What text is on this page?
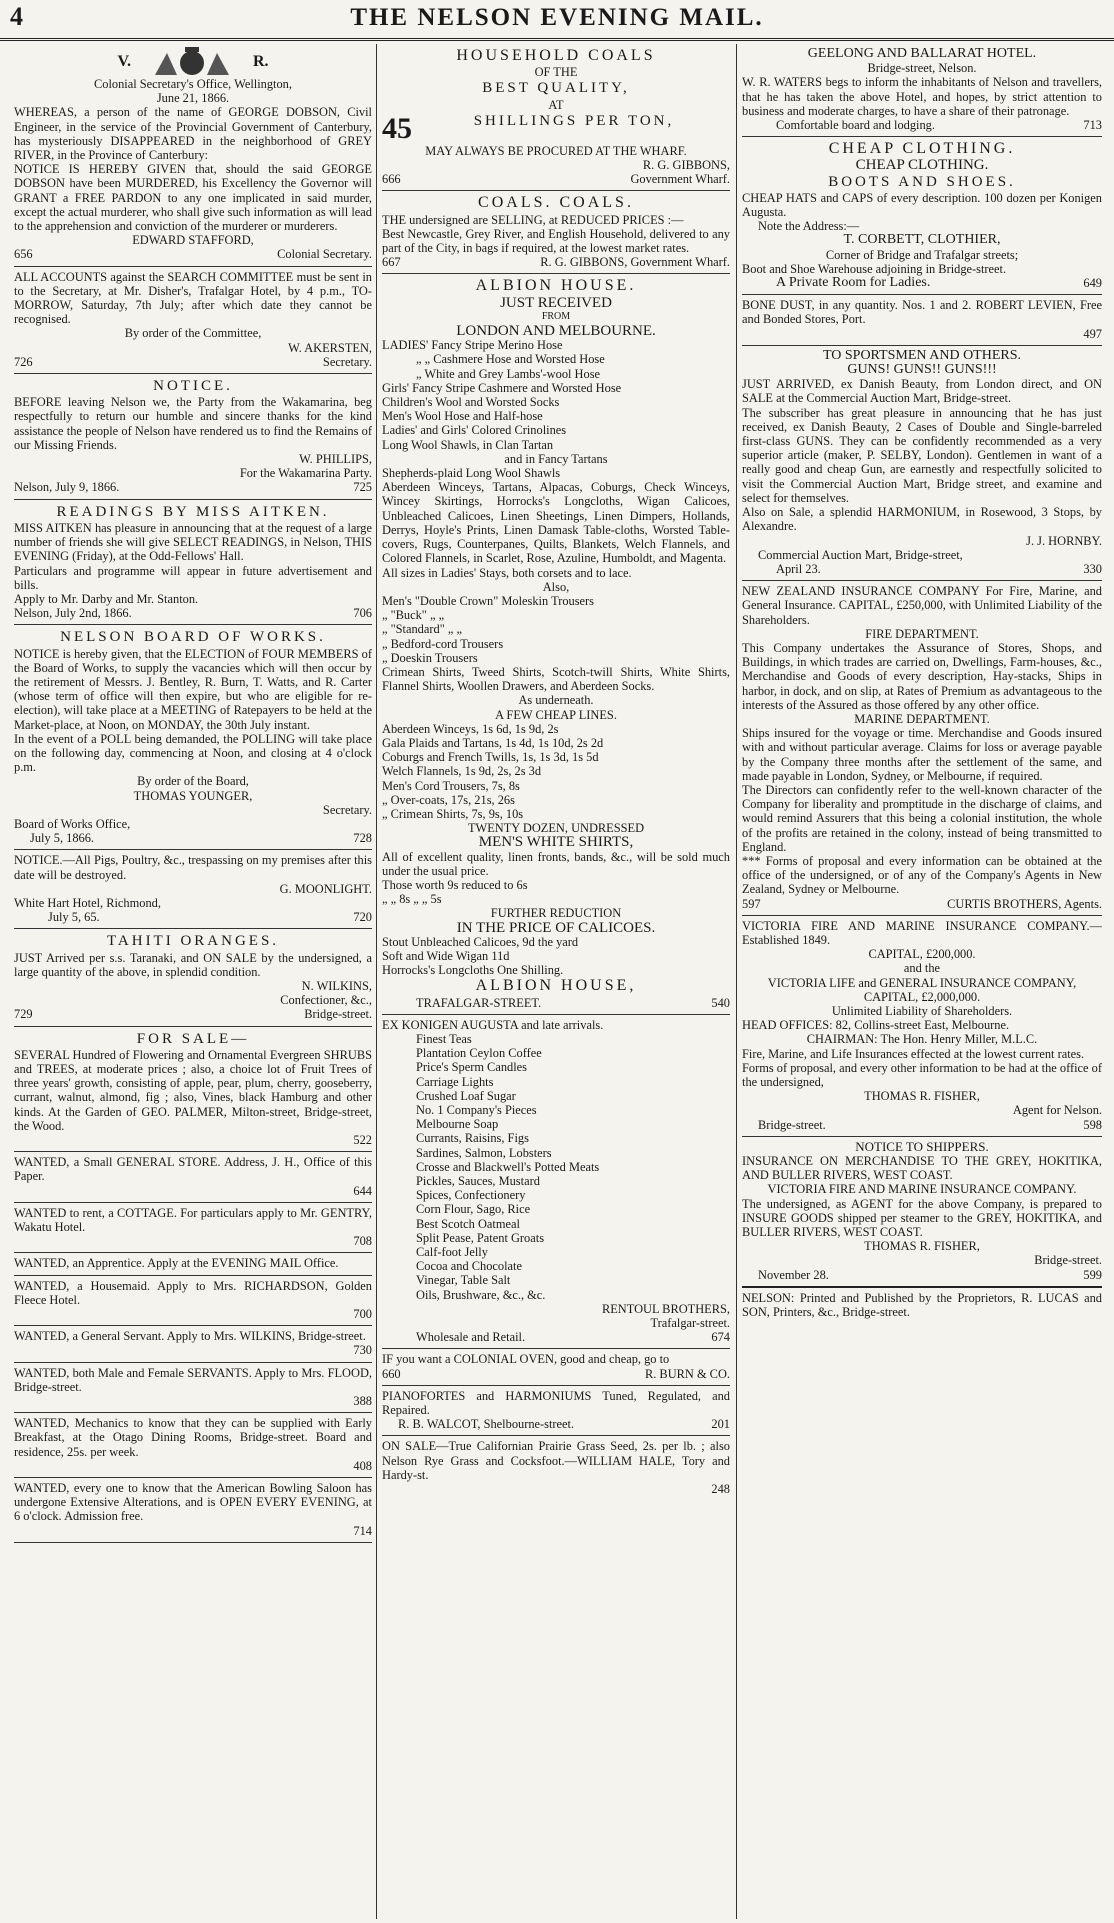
4	THE NELSON EVENING MAIL.
V.	R.

Colonial Secretary's Office, Wellington,

June 21, 1866.

WHEREAS, a person of the name of GEORGE DOBSON, Civil Engineer, in the service of the Provincial Government of Canterbury, has mysteriously DISAPPEARED in the neighborhood of GREY RIVER, in the Province of Canterbury:

NOTICE IS HEREBY GIVEN that, should the said GEORGE DOBSON have been MURDERED, his Excellency the Governor will GRANT a FREE PARDON to any one implicated in said murder, except the actual murderer, who shall give such information as will lead to the apprehension and conviction of the murderer or murderers.

EDWARD STAFFORD,

656	Colonial Secretary.

ALL ACCOUNTS against the SEARCH COMMITTEE must be sent in to the Secretary, at Mr. Disher's, Trafalgar Hotel, by 4 p.m., TO-MORROW, Saturday, 7th July; after which date they cannot be recognised.

By order of the Committee,

W. AKERSTEN,

726	Secretary.

NOTICE.

BEFORE leaving Nelson we, the Party from the Wakamarina, beg respectfully to return our humble and sincere thanks for the kind assistance the people of Nelson have rendered us to find the Remains of our Missing Friends.

W. PHILLIPS,

For the Wakamarina Party.

Nelson, July 9, 1866.	725

READINGS BY MISS AITKEN.

MISS AITKEN has pleasure in announcing that at the request of a large number of friends she will give SELECT READINGS, in Nelson, THIS EVENING (Friday), at the Odd-Fellows' Hall.

Particulars and programme will appear in future advertisement and bills.

Apply to Mr. Darby and Mr. Stanton.

Nelson, July 2nd, 1866.	706

NELSON BOARD OF WORKS.

NOTICE is hereby given, that the ELECTION of FOUR MEMBERS of the Board of Works, to supply the vacancies which will then occur by the retirement of Messrs. J. Bentley, R. Burn, T. Watts, and R. Carter (whose term of office will then expire, but who are eligible for re-election), will take place at a MEETING of Ratepayers to be held at the Market-place, at Noon, on MONDAY, the 30th July instant.

In the event of a POLL being demanded, the POLLING will take place on the following day, commencing at Noon, and closing at 4 o'clock p.m.

By order of the Board,

THOMAS YOUNGER,

Secretary.

Board of Works Office,

July 5, 1866.	728

NOTICE.—All Pigs, Poultry, &c., trespassing on my premises after this date will be destroyed.

G. MOONLIGHT.

White Hart Hotel, Richmond,

July 5, 65.	720

TAHITI ORANGES.

JUST Arrived per s.s. Taranaki, and ON SALE by the undersigned, a large quantity of the above, in splendid condition.

N. WILKINS,

Confectioner, &c.,

729	Bridge-street.

FOR SALE—

SEVERAL Hundred of Flowering and Ornamental Evergreen SHRUBS and TREES, at moderate prices ; also, a choice lot of Fruit Trees of three years' growth, consisting of apple, pear, plum, cherry, gooseberry, currant, walnut, almond, fig ; also, Vines, black Hamburg and other kinds. At the Garden of GEO. PALMER, Milton-street, Bridge-street, the Wood.

522

WANTED, a Small GENERAL STORE. Address, J. H., Office of this Paper.

644

WANTED to rent, a COTTAGE. For particulars apply to Mr. GENTRY, Wakatu Hotel.

708

WANTED, an Apprentice. Apply at the EVENING MAIL Office.

WANTED, a Housemaid. Apply to Mrs. RICHARDSON, Golden Fleece Hotel.

700

WANTED, a General Servant. Apply to Mrs. WILKINS, Bridge-street.

730

WANTED, both Male and Female SERVANTS. Apply to Mrs. FLOOD, Bridge-street.

388

WANTED, Mechanics to know that they can be supplied with Early Breakfast, at the Otago Dining Rooms, Bridge-street. Board and residence, 25s. per week.

408

WANTED, every one to know that the American Bowling Saloon has undergone Extensive Alterations, and is OPEN EVERY EVENING, at 6 o'clock. Admission free.

714

HOUSEHOLD COALS

OF THE

BEST QUALITY,

AT

45	SHILLINGS PER TON,

MAY ALWAYS BE PROCURED AT THE WHARF.

R. G. GIBBONS,

666	Government Wharf.

COALS. COALS.

THE undersigned are SELLING, at REDUCED PRICES :—

Best Newcastle, Grey River, and English Household, delivered to any part of the City, in bags if required, at the lowest market rates.

667	R. G. GIBBONS, Government Wharf.

ALBION HOUSE.

JUST RECEIVED

FROM

LONDON AND MELBOURNE.

LADIES' Fancy Stripe Merino Hose

„ „ Cashmere Hose and Worsted Hose

„ White and Grey Lambs'-wool Hose

Girls' Fancy Stripe Cashmere and Worsted Hose

Children's Wool and Worsted Socks

Men's Wool Hose and Half-hose

Ladies' and Girls' Colored Crinolines

Long Wool Shawls, in Clan Tartan

and in Fancy Tartans

Shepherds-plaid Long Wool Shawls

Aberdeen Winceys, Tartans, Alpacas, Coburgs, Check Winceys, Wincey Skirtings, Horrocks's Longcloths, Wigan Calicoes, Unbleached Calicoes, Linen Sheetings, Linen Dimpers, Hollands, Derrys, Hoyle's Prints, Linen Damask Table-cloths, Worsted Table-covers, Rugs, Counterpanes, Quilts, Blankets, Welch Flannels, and Colored Flannels, in Scarlet, Rose, Azuline, Humboldt, and Magenta.

All sizes in Ladies' Stays, both corsets and to lace.

Also,

Men's "Double Crown" Moleskin Trousers

„ "Buck" „ „

„ "Standard" „ „

„ Bedford-cord Trousers

„ Doeskin Trousers

Crimean Shirts, Tweed Shirts, Scotch-twill Shirts, White Shirts, Flannel Shirts, Woollen Drawers, and Aberdeen Socks.

As underneath.

A FEW CHEAP LINES.

Aberdeen Winceys, 1s 6d, 1s 9d, 2s

Gala Plaids and Tartans, 1s 4d, 1s 10d, 2s 2d

Coburgs and French Twills, 1s, 1s 3d, 1s 5d

Welch Flannels, 1s 9d, 2s, 2s 3d

Men's Cord Trousers, 7s, 8s

„ Over-coats, 17s, 21s, 26s

„ Crimean Shirts, 7s, 9s, 10s

TWENTY DOZEN, UNDRESSED

MEN'S WHITE SHIRTS,

All of excellent quality, linen fronts, bands, &c., will be sold much under the usual price.

Those worth 9s reduced to 6s

„ „ 8s „ „ 5s

FURTHER REDUCTION

IN THE PRICE OF CALICOES.

Stout Unbleached Calicoes, 9d the yard

Soft and Wide Wigan 11d

Horrocks's Longcloths One Shilling.

ALBION HOUSE,

TRAFALGAR-STREET.	540

EX KONIGEN AUGUSTA and late arrivals.

Finest Teas

Plantation Ceylon Coffee

Price's Sperm Candles

Carriage Lights

Crushed Loaf Sugar

No. 1 Company's Pieces

Melbourne Soap

Currants, Raisins, Figs

Sardines, Salmon, Lobsters

Crosse and Blackwell's Potted Meats

Pickles, Sauces, Mustard

Spices, Confectionery

Corn Flour, Sago, Rice

Best Scotch Oatmeal

Split Pease, Patent Groats

Calf-foot Jelly

Cocoa and Chocolate

Vinegar, Table Salt

Oils, Brushware, &c., &c.

RENTOUL BROTHERS,

Trafalgar-street.

Wholesale and Retail.	674

IF you want a COLONIAL OVEN, good and cheap, go to

660	R. BURN & CO.

PIANOFORTES and HARMONIUMS Tuned, Regulated, and Repaired.

R. B. WALCOT, Shelbourne-street.	201

ON SALE—True Californian Prairie Grass Seed, 2s. per lb. ; also Nelson Rye Grass and Cocksfoot.—WILLIAM HALE, Tory and Hardy-st.

248

GEELONG AND BALLARAT HOTEL.

Bridge-street, Nelson.

W. R. WATERS begs to inform the inhabitants of Nelson and travellers, that he has taken the above Hotel, and hopes, by strict attention to business and moderate charges, to have a share of their patronage.

Comfortable board and lodging.	713

CHEAP CLOTHING.

CHEAP CLOTHING.

BOOTS AND SHOES.

CHEAP HATS and CAPS of every description. 100 dozen per Konigen Augusta.

Note the Address:—

T. CORBETT, CLOTHIER,

Corner of Bridge and Trafalgar streets;

Boot and Shoe Warehouse adjoining in Bridge-street.

A Private Room for Ladies.	649

BONE DUST, in any quantity. Nos. 1 and 2. ROBERT LEVIEN, Free and Bonded Stores, Port.

497

TO SPORTSMEN AND OTHERS.

GUNS! GUNS!! GUNS!!!

JUST ARRIVED, ex Danish Beauty, from London direct, and ON SALE at the Commercial Auction Mart, Bridge-street.

The subscriber has great pleasure in announcing that he has just received, ex Danish Beauty, 2 Cases of Double and Single-barreled first-class GUNS. They can be confidently recommended as a very superior article (maker, P. SELBY, London). Gentlemen in want of a really good and cheap Gun, are earnestly and respectfully solicited to visit the Commercial Auction Mart, Bridge street, and examine and select for themselves.

Also on Sale, a splendid HARMONIUM, in Rosewood, 3 Stops, by Alexandre.

J. J. HORNBY.

Commercial Auction Mart, Bridge-street,

April 23.	330

NEW ZEALAND INSURANCE COMPANY For Fire, Marine, and General Insurance. CAPITAL, £250,000, with Unlimited Liability of the Shareholders.

FIRE DEPARTMENT.

This Company undertakes the Assurance of Stores, Shops, and Buildings, in which trades are carried on, Dwellings, Farm-houses, &c., Merchandise and Goods of every description, Hay-stacks, Ships in harbor, in dock, and on slip, at Rates of Premium as advantageous to the interests of the Assured as those offered by any other office.

MARINE DEPARTMENT.

Ships insured for the voyage or time. Merchandise and Goods insured with and without particular average. Claims for loss or average payable by the Company three months after the settlement of the same, and made payable in London, Sydney, or Melbourne, if required.

The Directors can confidently refer to the well-known character of the Company for liberality and promptitude in the discharge of claims, and would remind Assurers that this being a colonial institution, the whole of the profits are retained in the colony, instead of being transmitted to England.

*** Forms of proposal and every information can be obtained at the office of the undersigned, or of any of the Company's Agents in New Zealand, Sydney or Melbourne.

597	CURTIS BROTHERS, Agents.

VICTORIA FIRE AND MARINE INSURANCE COMPANY.—Established 1849.

CAPITAL, £200,000.

and the

VICTORIA LIFE and GENERAL INSURANCE COMPANY,

CAPITAL, £2,000,000.

Unlimited Liability of Shareholders.

HEAD OFFICES: 82, Collins-street East, Melbourne.

CHAIRMAN: The Hon. Henry Miller, M.L.C.

Fire, Marine, and Life Insurances effected at the lowest current rates.

Forms of proposal, and every other information to be had at the office of the undersigned,

THOMAS R. FISHER,

Agent for Nelson.

Bridge-street.	598

NOTICE TO SHIPPERS.

INSURANCE ON MERCHANDISE TO THE GREY, HOKITIKA, AND BULLER RIVERS, WEST COAST.

VICTORIA FIRE AND MARINE INSURANCE COMPANY.

The undersigned, as AGENT for the above Company, is prepared to INSURE GOODS shipped per steamer to the GREY, HOKITIKA, and BULLER RIVERS, WEST COAST.

THOMAS R. FISHER,

Bridge-street.

November 28.	599

NELSON: Printed and Published by the Proprietors, R. LUCAS and SON, Printers, &c., Bridge-street.
